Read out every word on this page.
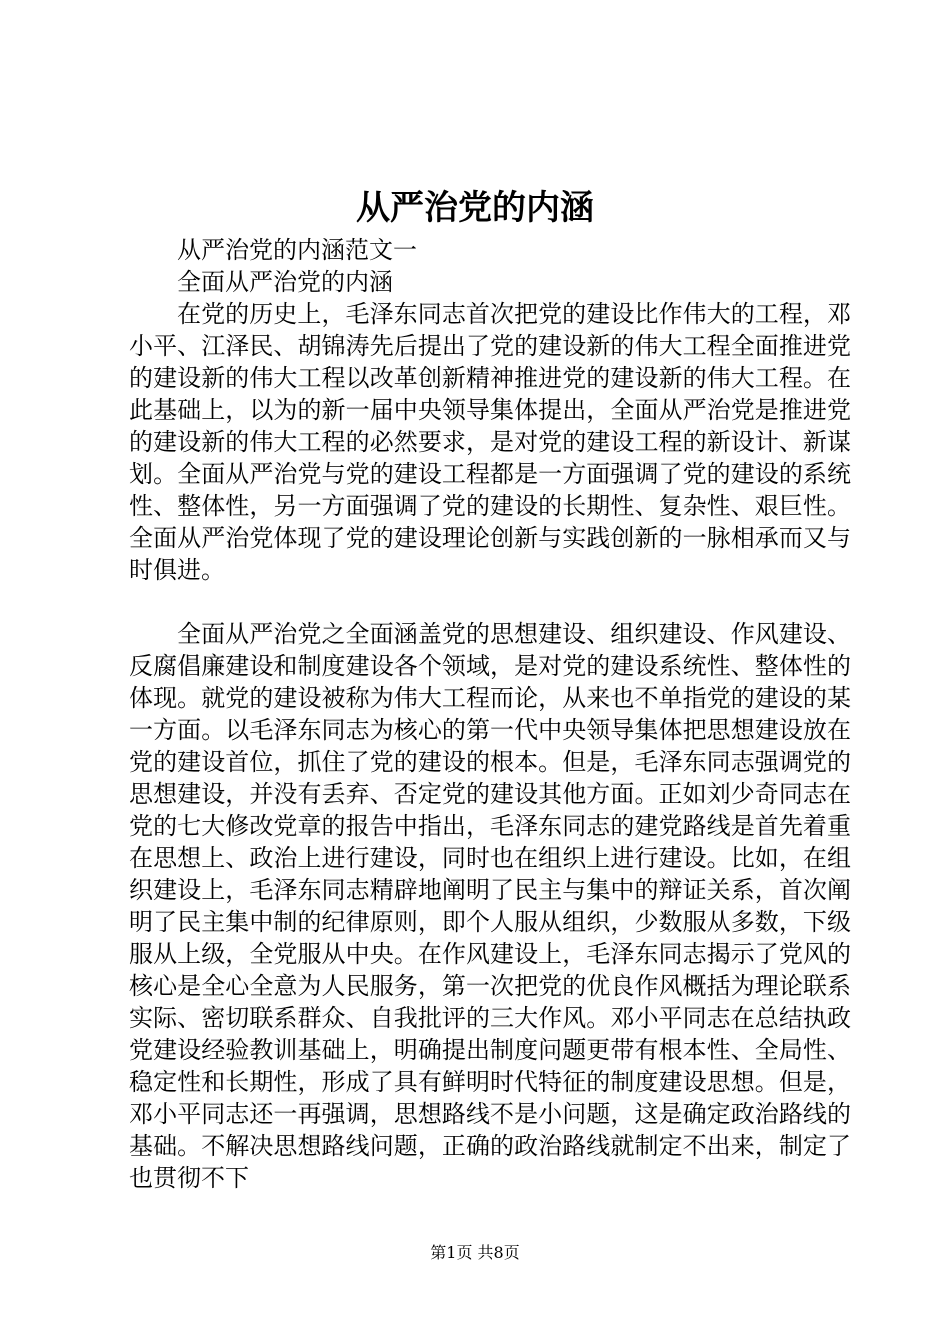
从严治党的内涵

从严治党的内涵范文一

全面从严治党的内涵

在党的历史上，毛泽东同志首次把党的建设比作伟大的工程，邓小平、江泽民、胡锦涛先后提出了党的建设新的伟大工程全面推进党的建设新的伟大工程以改革创新精神推进党的建设新的伟大工程。在此基础上，以为的新一届中央领导集体提出，全面从严治党是推进党的建设新的伟大工程的必然要求，是对党的建设工程的新设计、新谋划。全面从严治党与党的建设工程都是一方面强调了党的建设的系统性、整体性，另一方面强调了党的建设的长期性、复杂性、艰巨性。全面从严治党体现了党的建设理论创新与实践创新的一脉相承而又与时俱进。

全面从严治党之全面涵盖党的思想建设、组织建设、作风建设、反腐倡廉建设和制度建设各个领域，是对党的建设系统性、整体性的体现。就党的建设被称为伟大工程而论，从来也不单指党的建设的某一方面。以毛泽东同志为核心的第一代中央领导集体把思想建设放在党的建设首位，抓住了党的建设的根本。但是，毛泽东同志强调党的思想建设，并没有丢弃、否定党的建设其他方面。正如刘少奇同志在党的七大修改党章的报告中指出，毛泽东同志的建党路线是首先着重在思想上、政治上进行建设，同时也在组织上进行建设。比如，在组织建设上，毛泽东同志精辟地阐明了民主与集中的辩证关系，首次阐明了民主集中制的纪律原则，即个人服从组织，少数服从多数，下级服从上级，全党服从中央。在作风建设上，毛泽东同志揭示了党风的核心是全心全意为人民服务，第一次把党的优良作风概括为理论联系实际、密切联系群众、自我批评的三大作风。邓小平同志在总结执政党建设经验教训基础上，明确提出制度问题更带有根本性、全局性、稳定性和长期性，形成了具有鲜明时代特征的制度建设思想。但是，邓小平同志还一再强调，思想路线不是小问题，这是确定政治路线的基础。不解决思想路线问题，正确的政治路线就制定不出来，制定了也贯彻不下

第1页 共8页
